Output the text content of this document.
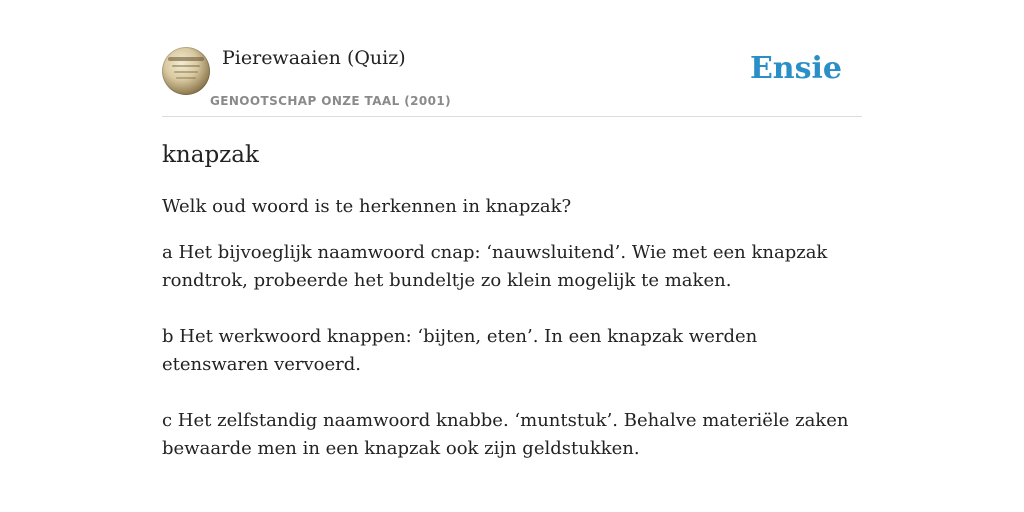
Pierewaaien (Quiz)
GENOOTSCHAP ONZE TAAL (2001)
Ensie
knapzak
Welk oud woord is te herkennen in knapzak?

a Het bijvoeglijk naamwoord cnap: ‘nauwsluitend’. Wie met een knapzak rondtrok, probeerde het bundeltje zo klein mogelijk te maken.

b Het werkwoord knappen: ‘bijten, eten’. In een knapzak werden etenswaren vervoerd.

c Het zelfstandig naamwoord knabbe. ‘muntstuk’. Behalve materiële zaken bewaarde men in een knapzak ook zijn geldstukken.
